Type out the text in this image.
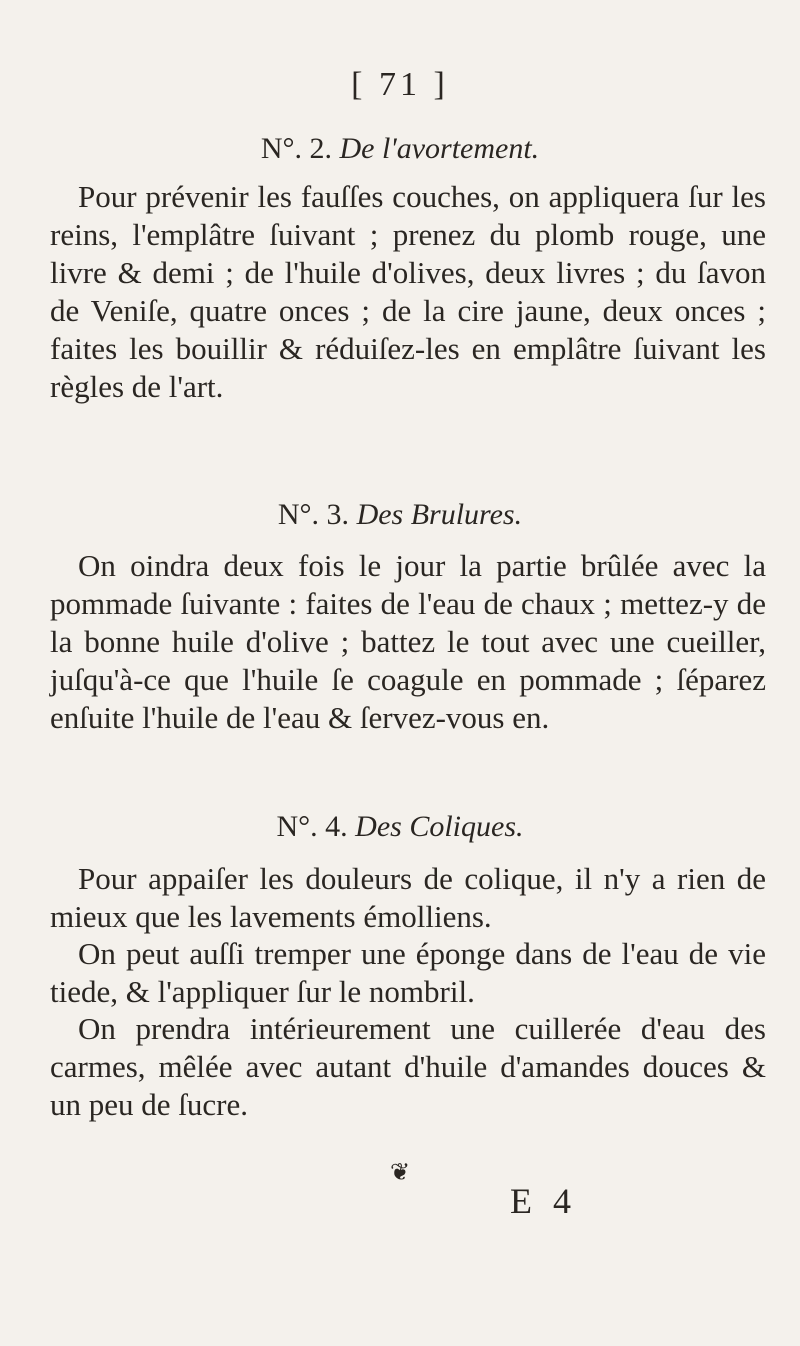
[ 71 ]
N°. 2. De l'avortement.

Pour prévenir les fauſſes couches, on appliquera ſur les reins, l'emplâtre ſuivant ; prenez du plomb rouge, une livre & demi ; de l'huile d'olives, deux livres ; du ſavon de Veniſe, quatre onces ; de la cire jaune, deux onces ; faites les bouillir & réduiſez-les en emplâtre ſuivant les règles de l'art.

N°. 3. Des Brulures.

On oindra deux fois le jour la partie brûlée avec la pommade ſuivante : faites de l'eau de chaux ; mettez-y de la bonne huile d'olive ; battez le tout avec une cueiller, juſqu'à-ce que l'huile ſe coagule en pommade ; ſéparez enſuite l'huile de l'eau & ſervez-vous en.

N°. 4. Des Coliques.

Pour appaiſer les douleurs de colique, il n'y a rien de mieux que les lavements émolliens.

On peut auſſi tremper une éponge dans de l'eau de vie tiede, & l'appliquer ſur le nombril.

On prendra intérieurement une cuillerée d'eau des carmes, mêlée avec autant d'huile d'amandes douces & un peu de ſucre.

❦
E 4
